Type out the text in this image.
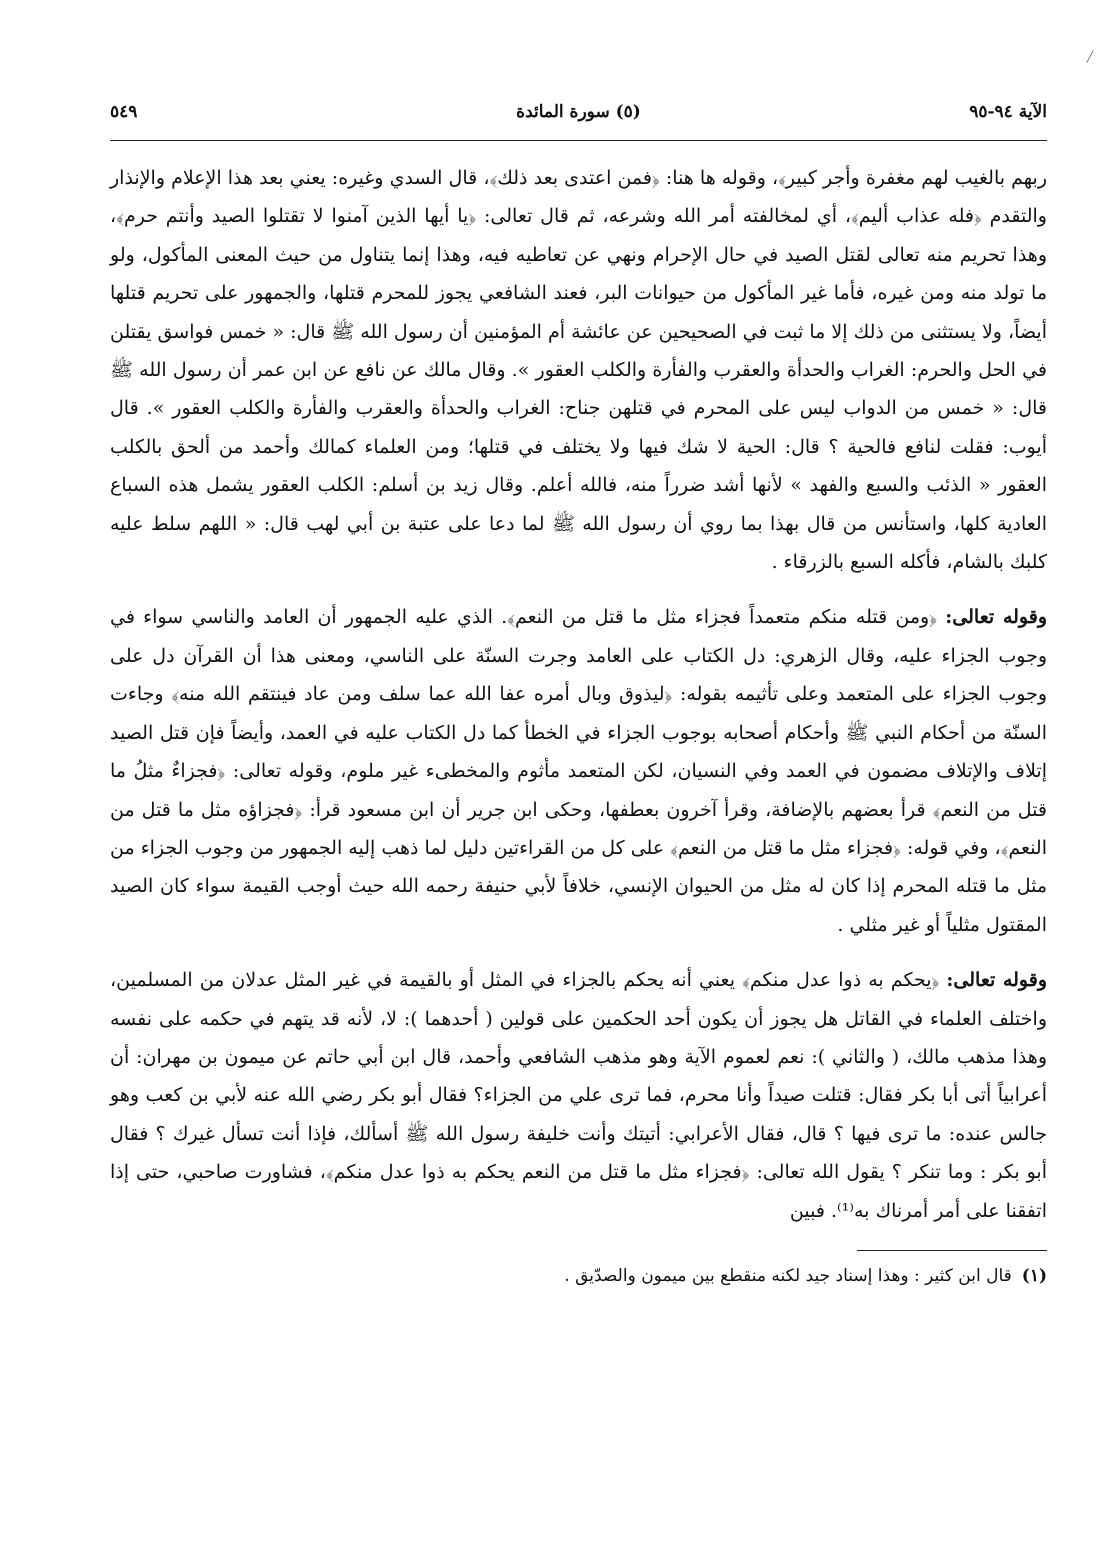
الآية ٩٤-٩٥
(٥) سورة المائدة
٥٤٩

ربهم بالغيب لهم مغفرة وأجر كبير﴾، وقوله ها هنا: ﴿فمن اعتدى بعد ذلك﴾، قال السدي وغيره: يعني بعد هذا الإعلام والإنذار والتقدم ﴿فله عذاب أليم﴾، أي لمخالفته أمر الله وشرعه، ثم قال تعالى: ﴿يا أيها الذين آمنوا لا تقتلوا الصيد وأنتم حرم﴾، وهذا تحريم منه تعالى لقتل الصيد في حال الإحرام ونهي عن تعاطيه فيه، وهذا إنما يتناول من حيث المعنى المأكول، ولو ما تولد منه ومن غيره، فأما غير المأكول من حيوانات البر، فعند الشافعي يجوز للمحرم قتلها، والجمهور على تحريم قتلها أيضاً، ولا يستثنى من ذلك إلا ما ثبت في الصحيحين عن عائشة أم المؤمنين أن رسول الله ﷺ قال: « خمس فواسق يقتلن في الحل والحرم: الغراب والحدأة والعقرب والفأرة والكلب العقور ». وقال مالك عن نافع عن ابن عمر أن رسول الله ﷺ قال: « خمس من الدواب ليس على المحرم في قتلهن جناح: الغراب والحدأة والعقرب والفأرة والكلب العقور ». قال أيوب: فقلت لنافع فالحية ؟ قال: الحية لا شك فيها ولا يختلف في قتلها؛ ومن العلماء كمالك وأحمد من ألحق بالكلب العقور « الذئب والسبع والفهد » لأنها أشد ضرراً منه، فالله أعلم. وقال زيد بن أسلم: الكلب العقور يشمل هذه السباع العادية كلها، واستأنس من قال بهذا بما روي أن رسول الله ﷺ لما دعا على عتبة بن أبي لهب قال: « اللهم سلط عليه كلبك بالشام، فأكله السبع بالزرقاء .

وقوله تعالى: ﴿ومن قتله منكم متعمداً فجزاء مثل ما قتل من النعم﴾. الذي عليه الجمهور أن العامد والناسي سواء في وجوب الجزاء عليه، وقال الزهري: دل الكتاب على العامد وجرت السنّة على الناسي، ومعنى هذا أن القرآن دل على وجوب الجزاء على المتعمد وعلى تأثيمه بقوله: ﴿ليذوق وبال أمره عفا الله عما سلف ومن عاد فينتقم الله منه﴾ وجاءت السنّة من أحكام النبي ﷺ وأحكام أصحابه بوجوب الجزاء في الخطأ كما دل الكتاب عليه في العمد، وأيضاً فإن قتل الصيد إتلاف والإتلاف مضمون في العمد وفي النسيان، لكن المتعمد مأثوم والمخطىء غير ملوم، وقوله تعالى: ﴿فجزاءٌ مثلُ ما قتل من النعم﴾ قرأ بعضهم بالإضافة، وقرأ آخرون بعطفها، وحكى ابن جرير أن ابن مسعود قرأ: ﴿فجزاؤه مثل ما قتل من النعم﴾، وفي قوله: ﴿فجزاء مثل ما قتل من النعم﴾ على كل من القراءتين دليل لما ذهب إليه الجمهور من وجوب الجزاء من مثل ما قتله المحرم إذا كان له مثل من الحيوان الإنسي، خلافاً لأبي حنيفة رحمه الله حيث أوجب القيمة سواء كان الصيد المقتول مثلياً أو غير مثلي .

وقوله تعالى: ﴿يحكم به ذوا عدل منكم﴾ يعني أنه يحكم بالجزاء في المثل أو بالقيمة في غير المثل عدلان من المسلمين، واختلف العلماء في القاتل هل يجوز أن يكون أحد الحكمين على قولين ( أحدهما ): لا، لأنه قد يتهم في حكمه على نفسه وهذا مذهب مالك، ( والثاني ): نعم لعموم الآية وهو مذهب الشافعي وأحمد، قال ابن أبي حاتم عن ميمون بن مهران: أن أعرابياً أتى أبا بكر فقال: قتلت صيداً وأنا محرم، فما ترى علي من الجزاء؟ فقال أبو بكر رضي الله عنه لأبي بن كعب وهو جالس عنده: ما ترى فيها ؟ قال، فقال الأعرابي: أتيتك وأنت خليفة رسول الله ﷺ أسألك، فإذا أنت تسأل غيرك ؟ فقال أبو بكر : وما تنكر ؟ يقول الله تعالى: ﴿فجزاء مثل ما قتل من النعم يحكم به ذوا عدل منكم﴾، فشاورت صاحبي، حتى إذا اتفقنا على أمر أمرناك به⁽¹⁾. فبين

(١)قال ابن كثير : وهذا إسناد جيد لكنه منقطع بين ميمون والصدّيق .
